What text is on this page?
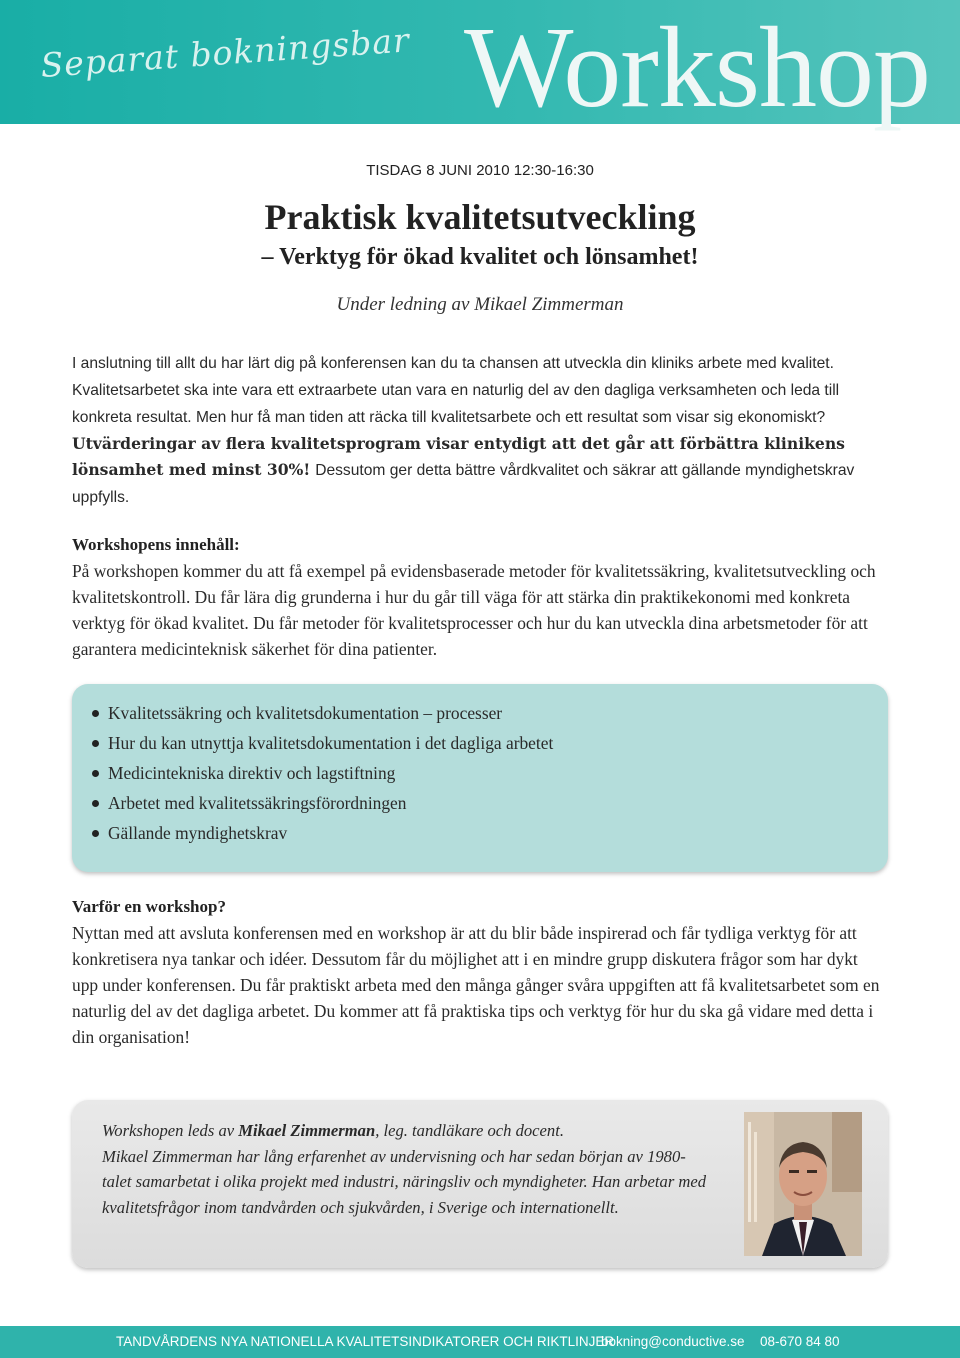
Separat bokningsbar Workshop
TISDAG 8 JUNI 2010 12:30-16:30
Praktisk kvalitetsutveckling
– Verktyg för ökad kvalitet och lönsamhet!
Under ledning av Mikael Zimmerman

I anslutning till allt du har lärt dig på konferensen kan du ta chansen att utveckla din kliniks arbete med kvalitet. Kvalitetsarbetet ska inte vara ett extraarbete utan vara en naturlig del av den dagliga verksamheten och leda till konkreta resultat. Men hur få man tiden att räcka till kvalitetsarbete och ett resultat som visar sig ekonomiskt? Utvärderingar av flera kvalitetsprogram visar entydigt att det går att förbättra klinikens lönsamhet med minst 30%! Dessutom ger detta bättre vårdkvalitet och säkrar att gällande myndighetskrav uppfylls.

Workshopens innehåll:

På workshopen kommer du att få exempel på evidensbaserade metoder för kvalitetssäkring, kvalitetsutveckling och kvalitetskontroll. Du får lära dig grunderna i hur du går till väga för att stärka din praktikekonomi med konkreta verktyg för ökad kvalitet. Du får metoder för kvalitetsprocesser och hur du kan utveckla dina arbetsmetoder för att garantera medicinteknisk säkerhet för dina patienter.

Kvalitetssäkring och kvalitetsdokumentation – processer
Hur du kan utnyttja kvalitetsdokumentation i det dagliga arbetet
Medicintekniska direktiv och lagstiftning
Arbetet med kvalitetssäkringsförordningen
Gällande myndighetskrav
Varför en workshop?

Nyttan med att avsluta konferensen med en workshop är att du blir både inspirerad och får tydliga verktyg för att konkretisera nya tankar och idéer. Dessutom får du möjlighet att i en mindre grupp diskutera frågor som har dykt upp under konferensen. Du får praktiskt arbeta med den många gånger svåra uppgiften att få kvalitetsarbetet som en naturlig del av det dagliga arbetet. Du kommer att få praktiska tips och verktyg för hur du ska gå vidare med detta i din organisation!

Workshopen leds av Mikael Zimmerman, leg. tandläkare och docent.
Mikael Zimmerman har lång erfarenhet av undervisning och har sedan början av 1980-talet samarbetat i olika projekt med industri, näringsliv och myndigheter. Han arbetar med kvalitetsfrågor inom tandvården och sjukvården, i Sverige och internationellt.
TANDVÅRDENS NYA NATIONELLA KVALITETSINDIKATORER OCH RIKTLINJER
bokning@conductive.se 08-670 84 80
